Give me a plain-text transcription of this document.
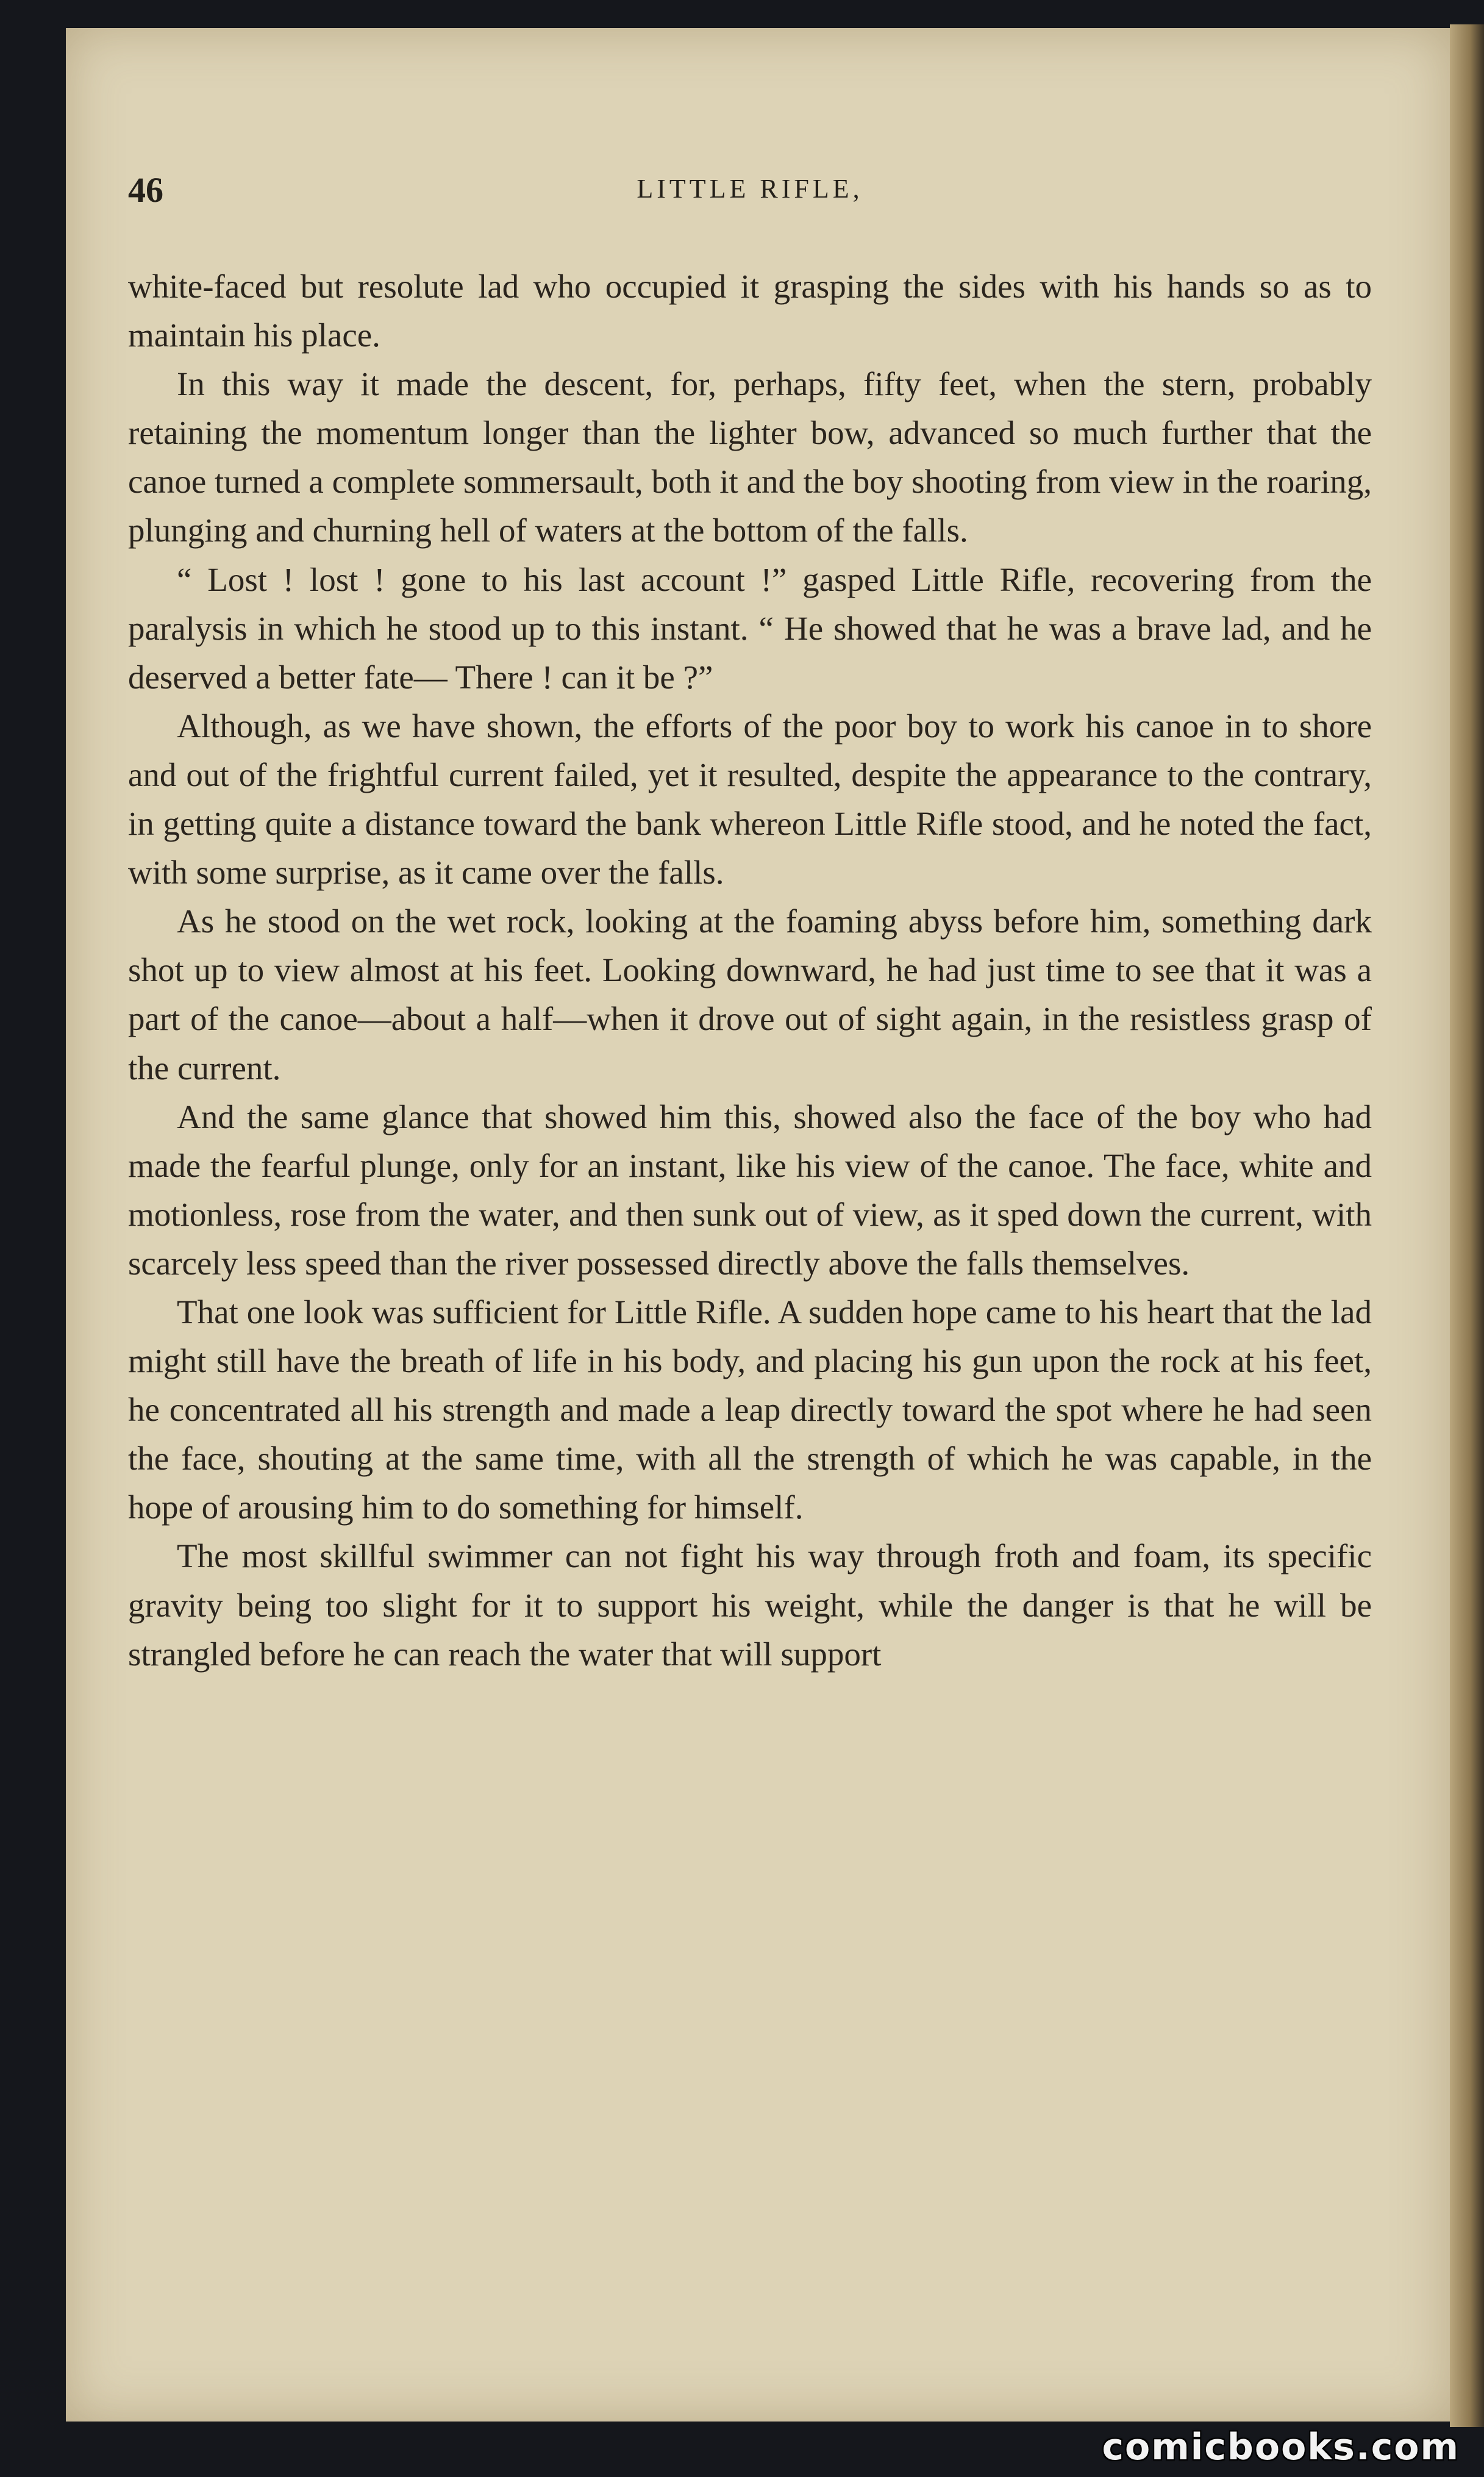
46	LITTLE RIFLE,

white-faced but resolute lad who occupied it grasping the sides with his hands so as to maintain his place.

In this way it made the descent, for, perhaps, fifty feet, when the stern, probably retaining the momentum longer than the lighter bow, advanced so much further that the canoe turned a complete sommersault, both it and the boy shooting from view in the roaring, plunging and churning hell of waters at the bottom of the falls.

“ Lost ! lost ! gone to his last account !” gasped Little Rifle, recovering from the paralysis in which he stood up to this instant. “ He showed that he was a brave lad, and he deserved a better fate— There ! can it be ?”

Although, as we have shown, the efforts of the poor boy to work his canoe in to shore and out of the frightful current failed, yet it resulted, despite the appearance to the contrary, in getting quite a distance toward the bank whereon Little Rifle stood, and he noted the fact, with some surprise, as it came over the falls.

As he stood on the wet rock, looking at the foaming abyss before him, something dark shot up to view almost at his feet. Looking downward, he had just time to see that it was a part of the canoe—about a half—when it drove out of sight again, in the resistless grasp of the current.

And the same glance that showed him this, showed also the face of the boy who had made the fearful plunge, only for an instant, like his view of the canoe. The face, white and motionless, rose from the water, and then sunk out of view, as it sped down the current, with scarcely less speed than the river possessed directly above the falls themselves.

That one look was sufficient for Little Rifle. A sudden hope came to his heart that the lad might still have the breath of life in his body, and placing his gun upon the rock at his feet, he concentrated all his strength and made a leap directly toward the spot where he had seen the face, shouting at the same time, with all the strength of which he was capable, in the hope of arousing him to do something for himself.

The most skillful swimmer can not fight his way through froth and foam, its specific gravity being too slight for it to support his weight, while the danger is that he will be strangled before he can reach the water that will support

comicbooks.com
